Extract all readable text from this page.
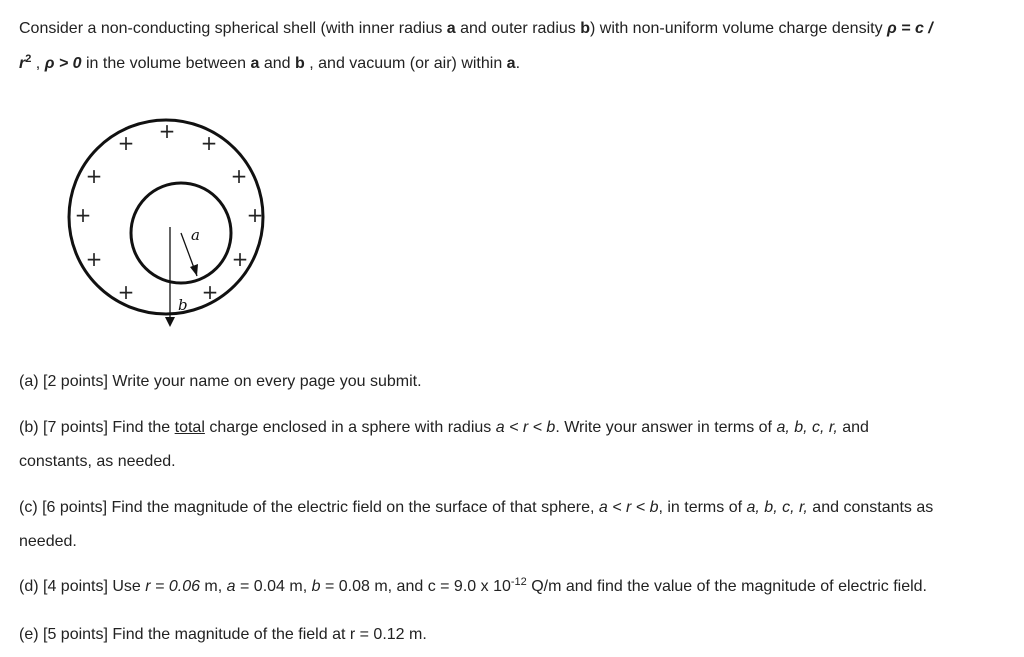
Consider a non-conducting spherical shell (with inner radius a and outer radius b) with non-uniform volume charge density ρ = c /
$r^2$ , ρ > 0 in the volume between a and b , and vacuum (or air) within a.
a
b
+ + +
+	+
+	+
+	+
+	+
(a) [2 points] Write your name on every page you submit.
(b) [7 points] Find the total charge enclosed in a sphere with radius a < r < b. Write your answer in terms of a, b, c, r, and
constants, as needed.
(c) [6 points] Find the magnitude of the electric field on the surface of that sphere, a < r < b, in terms of a, b, c, r, and constants as
needed.
(d) [4 points] Use r = 0.06 m, a = 0.04 m, b = 0.08 m, and c = 9.0 x $10^{-12}$ Q/m and find the value of the magnitude of electric field.
(e) [5 points] Find the magnitude of the field at r = 0.12 m.
